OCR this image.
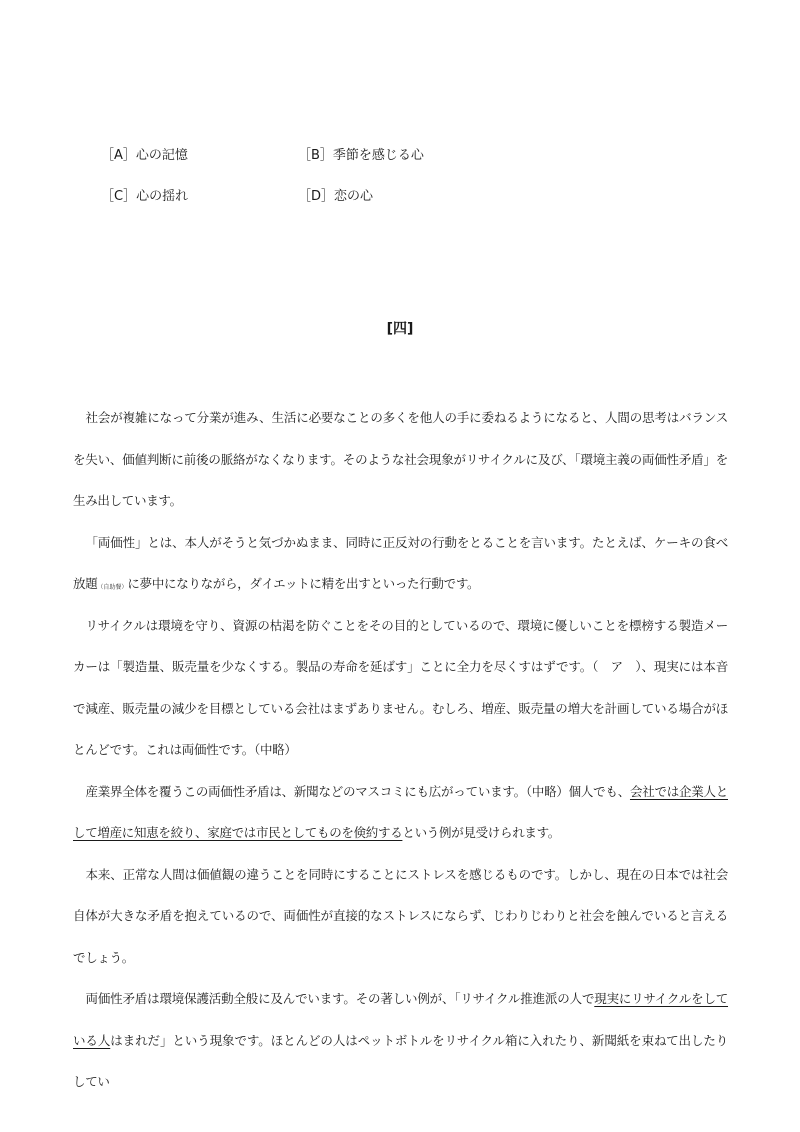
［A］心の記憶	［B］季節を感じる心
［C］心の揺れ	［D］恋の心
[四]

社会が複雑になって分業が進み、生活に必要なことの多くを他人の手に委ねるようになると、人間の思考はバランスを失い、価値判断に前後の脈絡がなくなります。そのような社会現象がリサイクルに及び、「環境主義の両価性矛盾」を生み出しています。

「両価性」とは、本人がそうと気づかぬまま、同時に正反対の行動をとることを言います。たとえば、ケーキの食べ放題（自助餐）に夢中になりながら，ダイエットに精を出すといった行動です。

リサイクルは環境を守り、資源の枯渇を防ぐことをその目的としているので、環境に優しいことを標榜する製造メーカーは「製造量、販売量を少なくする。製品の寿命を延ばす」ことに全力を尽くすはずです。（　ア　）、現実には本音で減産、販売量の減少を目標としている会社はまずありません。むしろ、増産、販売量の増大を計画している場合がほとんどです。これは両価性です。（中略）

産業界全体を覆うこの両価性矛盾は、新聞などのマスコミにも広がっています。（中略）個人でも、会社では企業人として増産に知恵を絞り、家庭では市民としてものを倹約するという例が見受けられます。

本来、正常な人間は価値観の違うことを同時にすることにストレスを感じるものです。しかし、現在の日本では社会自体が大きな矛盾を抱えているので、両価性が直接的なストレスにならず、じわりじわりと社会を蝕んでいると言えるでしょう。

両価性矛盾は環境保護活動全般に及んでいます。その著しい例が、「リサイクル推進派の人で現実にリサイクルをしている人はまれだ」という現象です。ほとんどの人はペットボトルをリサイクル箱に入れたり、新聞紙を束ねて出したりしてい
